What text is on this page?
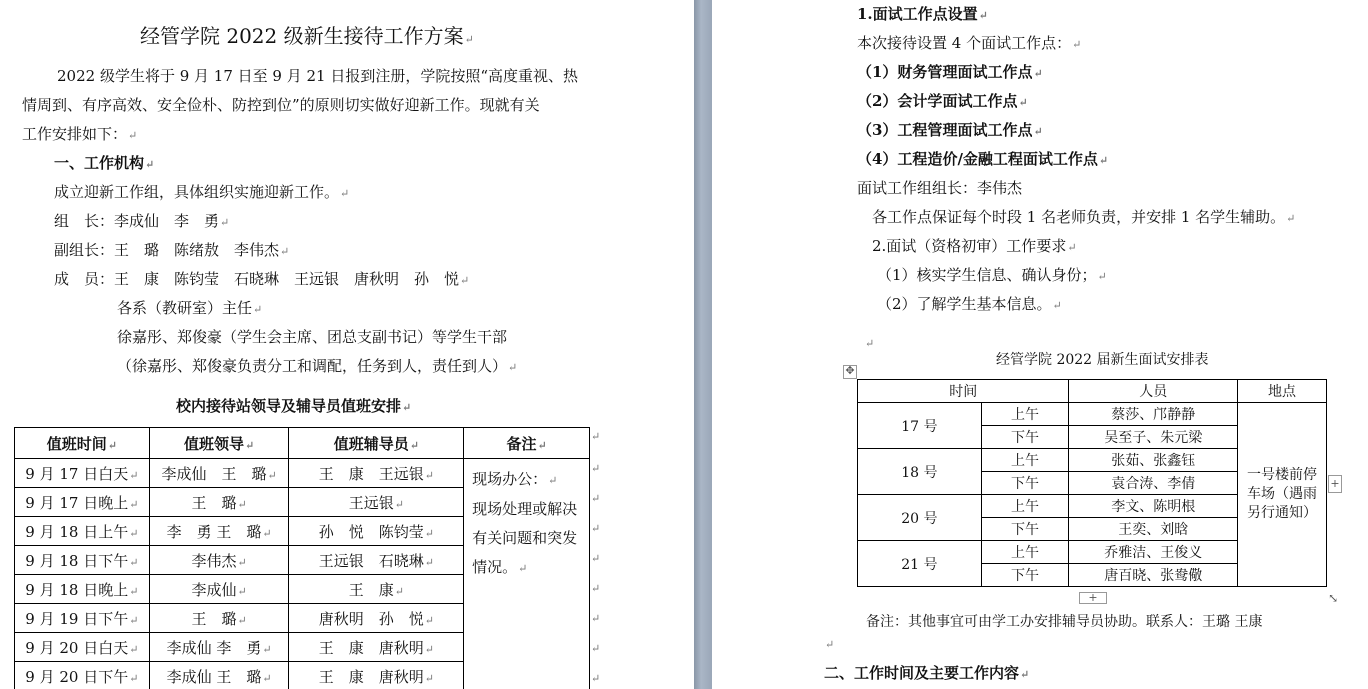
经管学院 2022 级新生接待工作方案↵
2022 级学生将于 9 月 17 日至 9 月 21 日报到注册，学院按照“高度重视、热
情周到、有序高效、安全俭朴、防控到位”的原则切实做好迎新工作。现就有关
工作安排如下：↵
一、工作机构↵
成立迎新工作组，具体组织实施迎新工作。↵
组　长：李成仙　李　勇↵
副组长：王　璐　陈绪敖　李伟杰↵
成　员：王　康　陈钧莹　石晓琳　王远银　唐秋明　孙　悦↵
各系（教研室）主任↵
徐嘉彤、郑俊豪（学生会主席、团总支副书记）等学生干部
（徐嘉彤、郑俊豪负责分工和调配，任务到人，责任到人）↵
校内接待站领导及辅导员值班安排↵
值班时间↵	值班领导↵	值班辅导员↵	备注↵
9 月 17 日白天↵	李成仙　王　璐↵	王　康　王远银↵	现场办公：↵
现场处理或解决
有关问题和突发
情况。↵

9 月 17 日晚上↵	王　璐↵	王远银↵	
9 月 18 日上午↵	李　勇 王　璐↵	孙　悦　陈钧莹↵	
9 月 18 日下午↵	李伟杰↵	王远银　石晓琳↵	
9 月 18 日晚上↵	李成仙↵	王　康↵	
9 月 19 日下午↵	王　璐↵	唐秋明　孙　悦↵	
9 月 20 日白天↵	李成仙 李　勇↵	王　康　唐秋明↵	
9 月 20 日下午↵	李成仙 王　璐↵	王　康　唐秋明↵	
↵
↵
↵
↵
↵
↵
↵
↵
↵
1.面试工作点设置↵
本次接待设置 4 个面试工作点：↵
（1）财务管理面试工作点↵
（2）会计学面试工作点↵
（3）工程管理面试工作点↵
（4）工程造价/金融工程面试工作点↵
面试工作组组长：李伟杰
各工作点保证每个时段 1 名老师负责，并安排 1 名学生辅助。↵
2.面试（资格初审）工作要求↵
（1）核实学生信息、确认身份；↵
（2）了解学生基本信息。↵
↵
经管学院 2022 届新生面试安排表
✥
时间		人员	地点
17 号	上午	蔡莎、邝静静	一号楼前停车场（遇雨另行通知）

	下午	吴至子、朱元梁	
18 号	上午	张茹、张鑫钰	
	下午	袁合涛、李倩	
20 号	上午	李文、陈明根	
	下午	王奕、刘晗	
21 号	上午	乔雅洁、王俊义	
	下午	唐百晓、张鸯儆	
+
+	⤡
备注：其他事宜可由学工办安排辅导员协助。联系人：王璐 王康
↵
二、工作时间及主要工作内容↵
